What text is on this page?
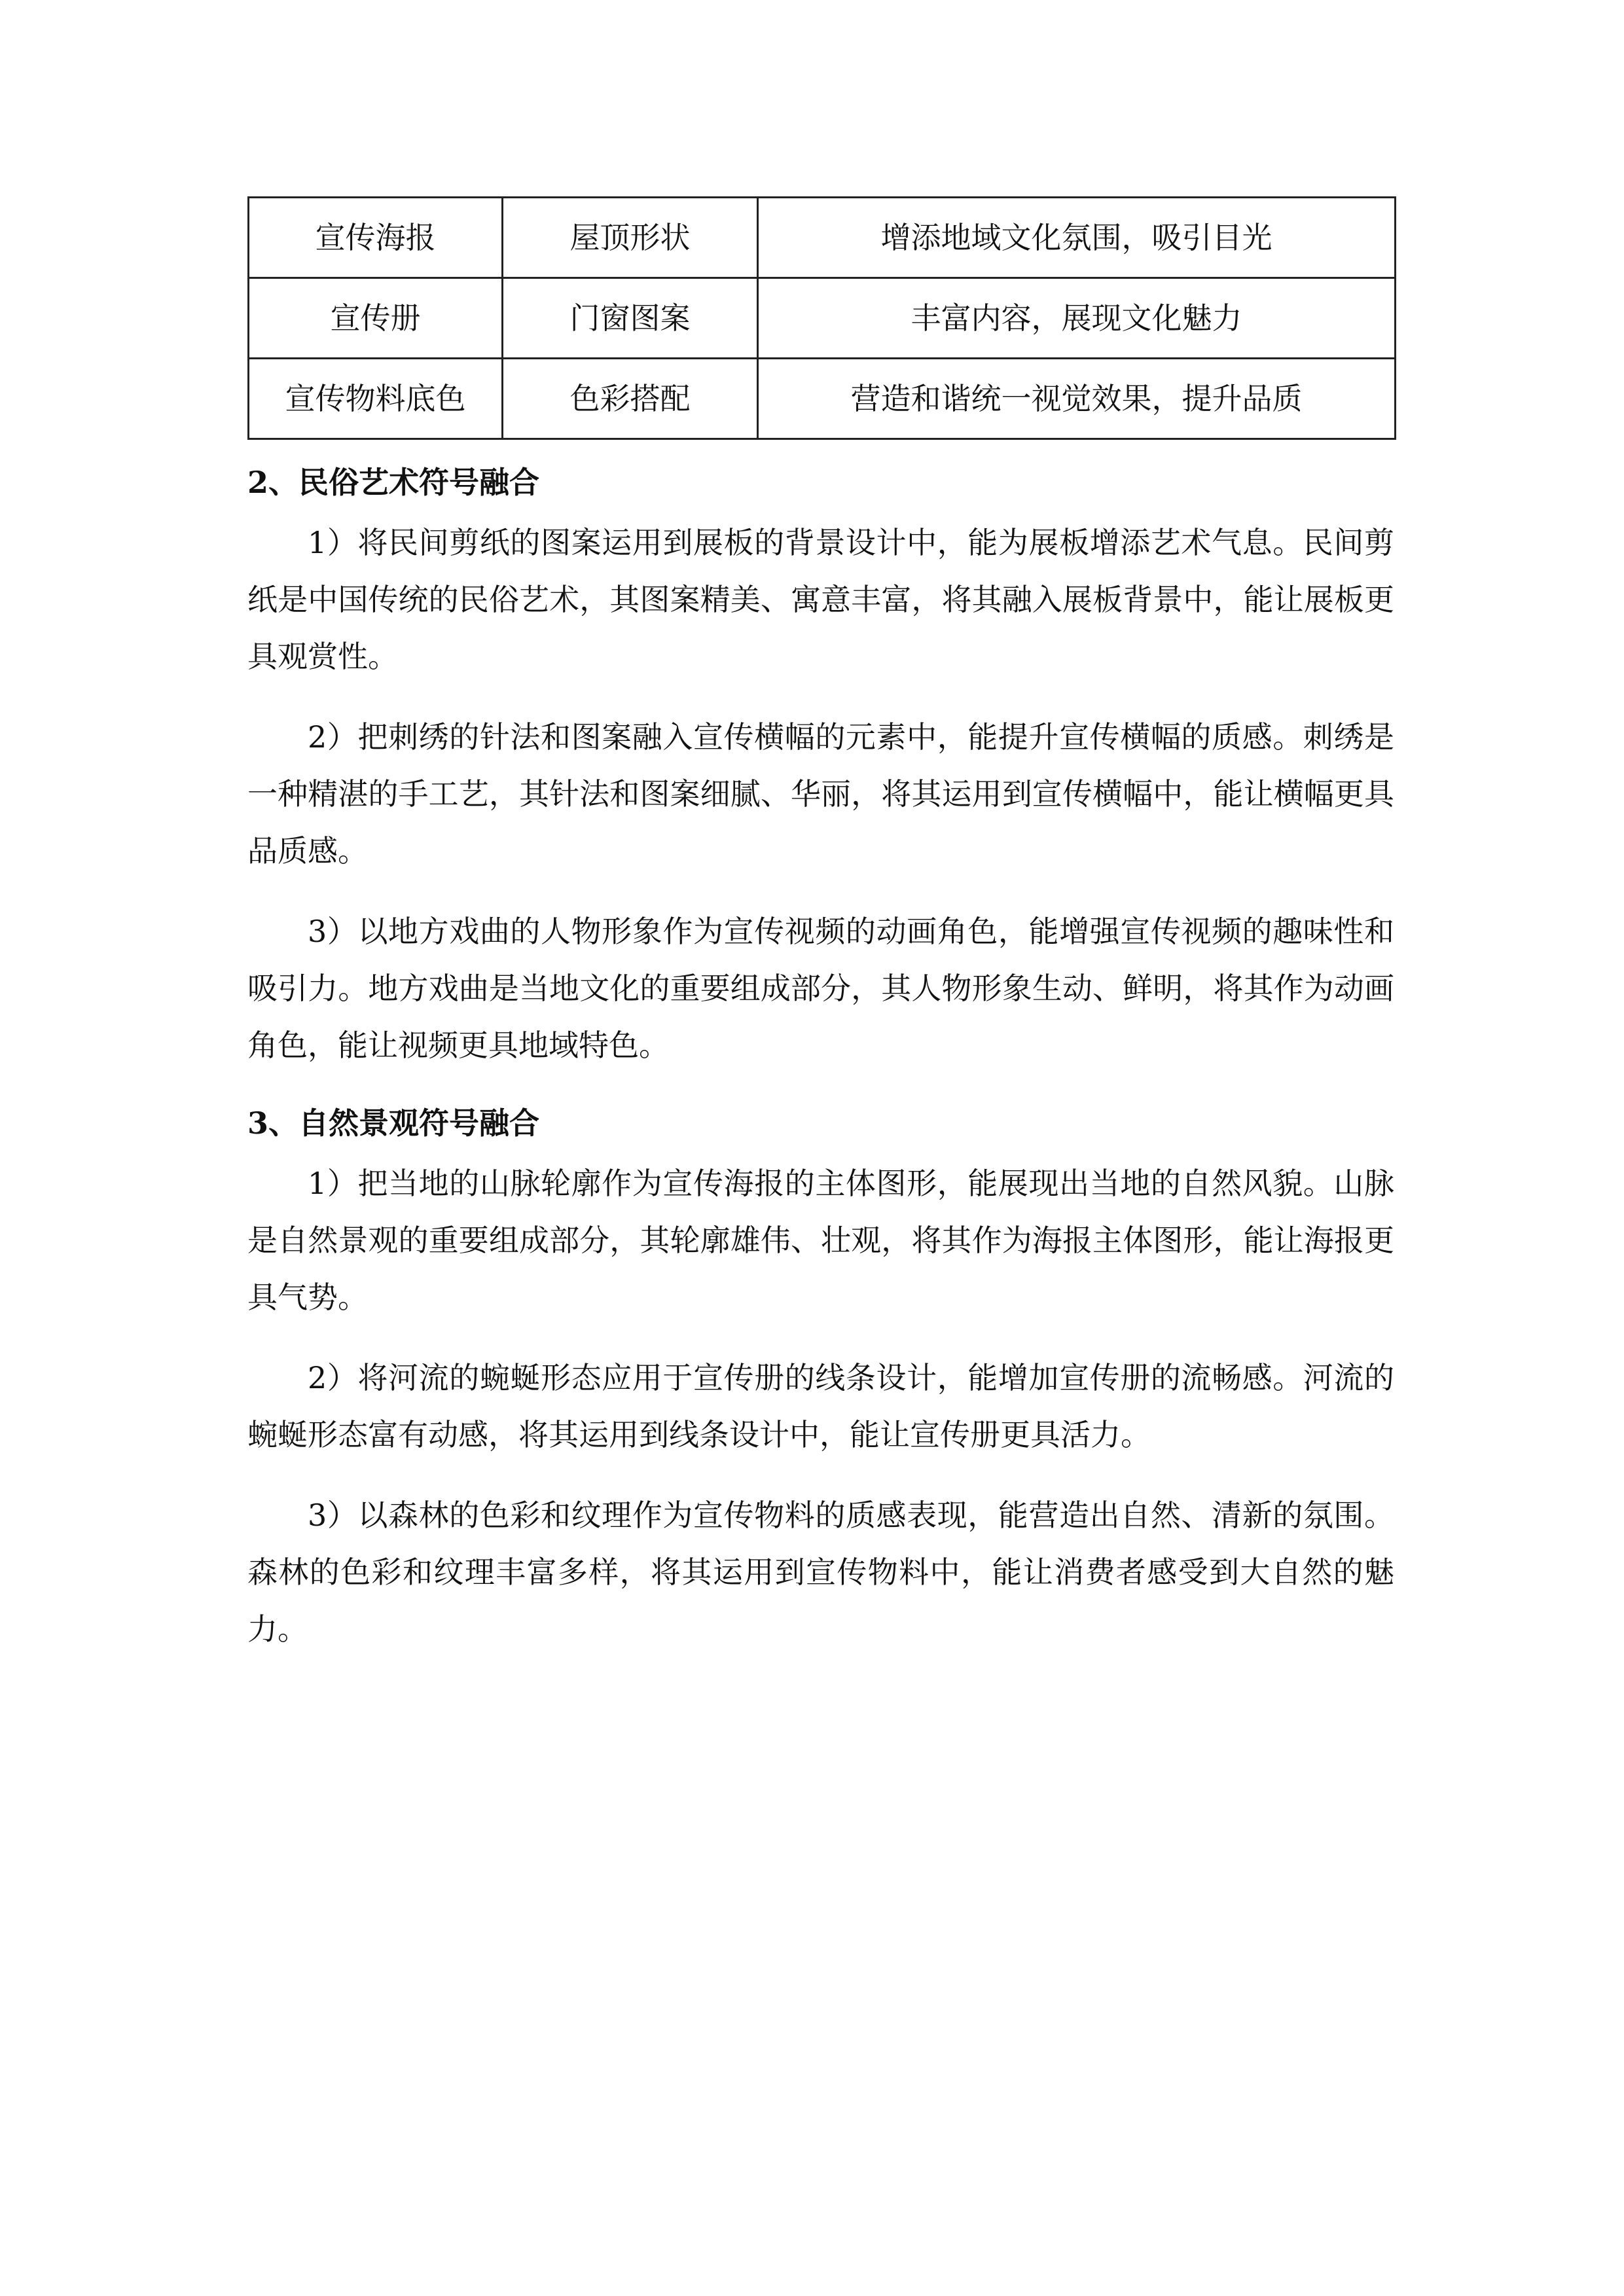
宣传海报	屋顶形状	增添地域文化氛围，吸引目光
宣传册	门窗图案	丰富内容，展现文化魅力
宣传物料底色	色彩搭配	营造和谐统一视觉效果，提升品质
2、民俗艺术符号融合

1）将民间剪纸的图案运用到展板的背景设计中，能为展板增添艺术气息。民间剪纸是中国传统的民俗艺术，其图案精美、寓意丰富，将其融入展板背景中，能让展板更具观赏性。

2）把刺绣的针法和图案融入宣传横幅的元素中，能提升宣传横幅的质感。刺绣是一种精湛的手工艺，其针法和图案细腻、华丽，将其运用到宣传横幅中，能让横幅更具品质感。

3）以地方戏曲的人物形象作为宣传视频的动画角色，能增强宣传视频的趣味性和吸引力。地方戏曲是当地文化的重要组成部分，其人物形象生动、鲜明，将其作为动画角色，能让视频更具地域特色。

3、自然景观符号融合

1）把当地的山脉轮廓作为宣传海报的主体图形，能展现出当地的自然风貌。山脉是自然景观的重要组成部分，其轮廓雄伟、壮观，将其作为海报主体图形，能让海报更具气势。

2）将河流的蜿蜒形态应用于宣传册的线条设计，能增加宣传册的流畅感。河流的蜿蜒形态富有动感，将其运用到线条设计中，能让宣传册更具活力。

3）以森林的色彩和纹理作为宣传物料的质感表现，能营造出自然、清新的氛围。森林的色彩和纹理丰富多样，将其运用到宣传物料中，能让消费者感受到大自然的魅力。
